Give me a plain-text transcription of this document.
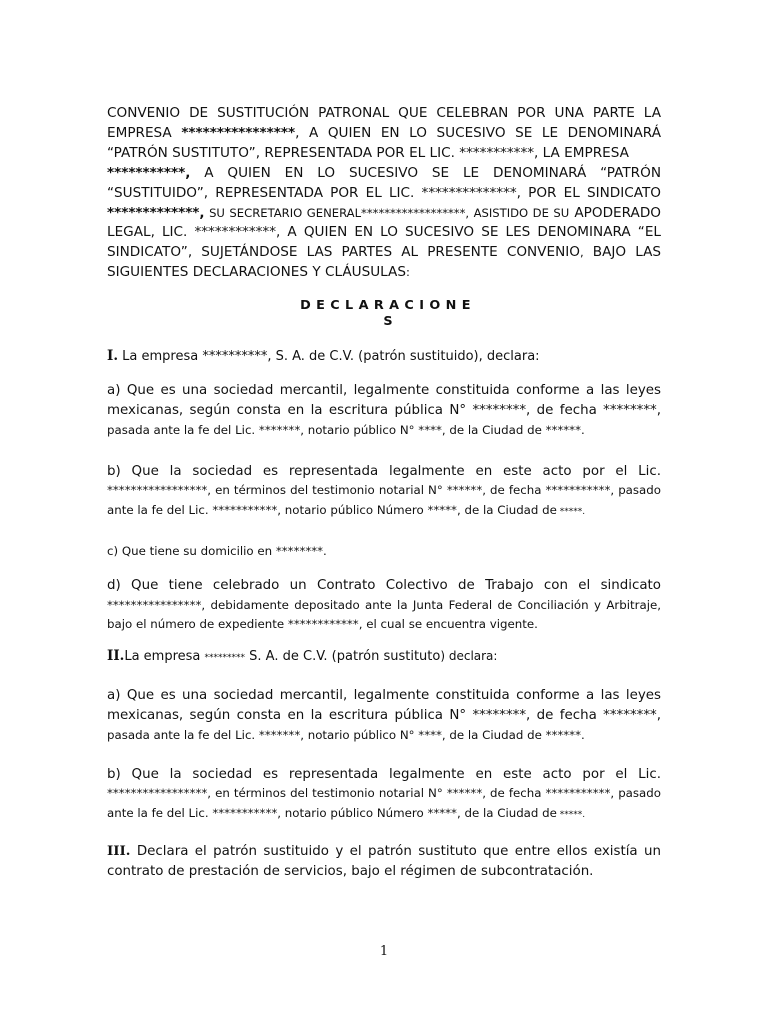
CONVENIO DE SUSTITUCIÓN PATRONAL QUE CELEBRAN POR UNA PARTE LA EMPRESA ****************, A QUIEN EN LO SUCESIVO SE LE DENOMINARÁ “PATRÓN SUSTITUTO”, REPRESENTADA POR EL LIC. ***********, LA EMPRESA
***********, A QUIEN EN LO SUCESIVO SE LE DENOMINARÁ “PATRÓN “SUSTITUIDO”, REPRESENTADA POR EL LIC. **************, POR EL SINDICATO *************, SU SECRETARIO GENERAL******************, ASISTIDO DE SU APODERADO LEGAL, LIC. ************, A QUIEN EN LO SUCESIVO SE LES DENOMINARA “EL SINDICATO”, SUJETÁNDOSE LAS PARTES AL PRESENTE CONVENIO, BAJO LAS SIGUIENTES DECLARACIONES Y CLÁUSULAS:

DECLARACIONE
S

I. La empresa **********, S. A. de C.V. (patrón sustituido), declara:

a) Que es una sociedad mercantil, legalmente constituida conforme a las leyes mexicanas, según consta en la escritura pública N° ********, de fecha ********, pasada ante la fe del Lic. *******, notario público N° ****, de la Ciudad de ******.

b) Que la sociedad es representada legalmente en este acto por el Lic. *****************, en términos del testimonio notarial N° ******, de fecha ***********, pasado ante la fe del Lic. ***********, notario público Número *****, de la Ciudad de *****.

c) Que tiene su domicilio en ********.

d) Que tiene celebrado un Contrato Colectivo de Trabajo con el sindicato ****************, debidamente depositado ante la Junta Federal de Conciliación y Arbitraje, bajo el número de expediente ************, el cual se encuentra vigente.

II.La empresa ********* S. A. de C.V. (patrón sustituto) declara:

a) Que es una sociedad mercantil, legalmente constituida conforme a las leyes mexicanas, según consta en la escritura pública N° ********, de fecha ********, pasada ante la fe del Lic. *******, notario público N° ****, de la Ciudad de ******.

b) Que la sociedad es representada legalmente en este acto por el Lic. *****************, en términos del testimonio notarial N° ******, de fecha ***********, pasado ante la fe del Lic. ***********, notario público Número *****, de la Ciudad de *****.

III. Declara el patrón sustituido y el patrón sustituto que entre ellos existía un contrato de prestación de servicios, bajo el régimen de subcontratación.

1
